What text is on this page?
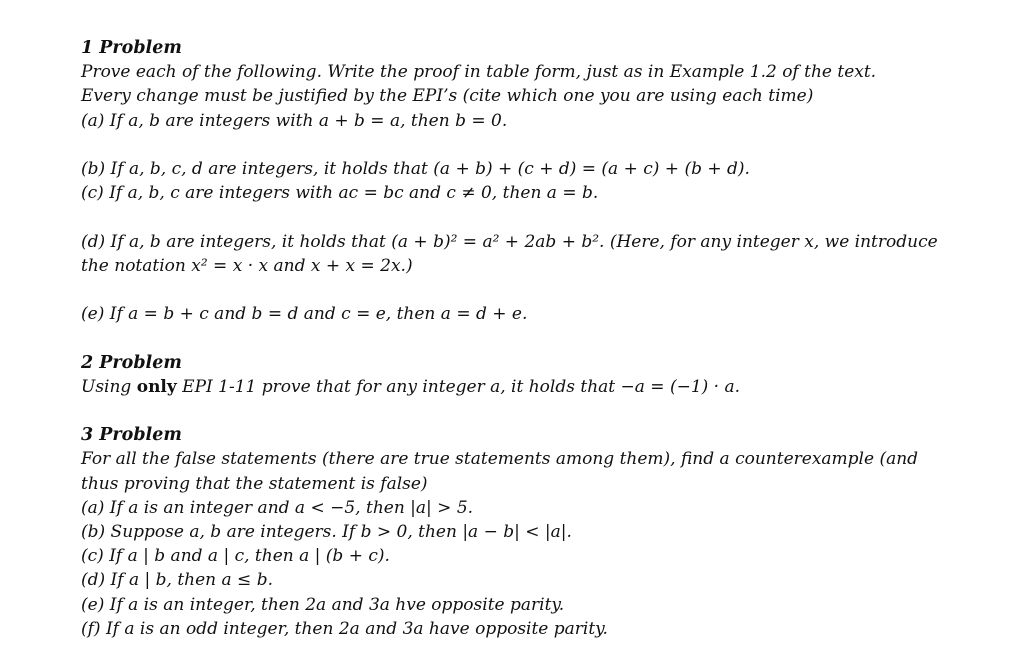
1 Problem
Prove each of the following. Write the proof in table form, just as in Example 1.2 of the text.
Every change must be justified by the EPI’s (cite which one you are using each time)
(a) If a, b are integers with a + b = a, then b = 0.
(b) If a, b, c, d are integers, it holds that (a + b) + (c + d) = (a + c) + (b + d).
(c) If a, b, c are integers with ac = bc and c ≠ 0, then a = b.
(d) If a, b are integers, it holds that (a + b)² = a² + 2ab + b². (Here, for any integer x, we introduce
the notation x² = x · x and x + x = 2x.)
(e) If a = b + c and b = d and c = e, then a = d + e.
2 Problem
Using only EPI 1-11 prove that for any integer a, it holds that −a = (−1) · a.
3 Problem
For all the false statements (there are true statements among them), find a counterexample (and
thus proving that the statement is false)
(a) If a is an integer and a < −5, then |a| > 5.
(b) Suppose a, b are integers. If b > 0, then |a − b| < |a|.
(c) If a | b and a | c, then a | (b + c).
(d) If a | b, then a ≤ b.
(e) If a is an integer, then 2a and 3a hve opposite parity.
(f) If a is an odd integer, then 2a and 3a have opposite parity.
